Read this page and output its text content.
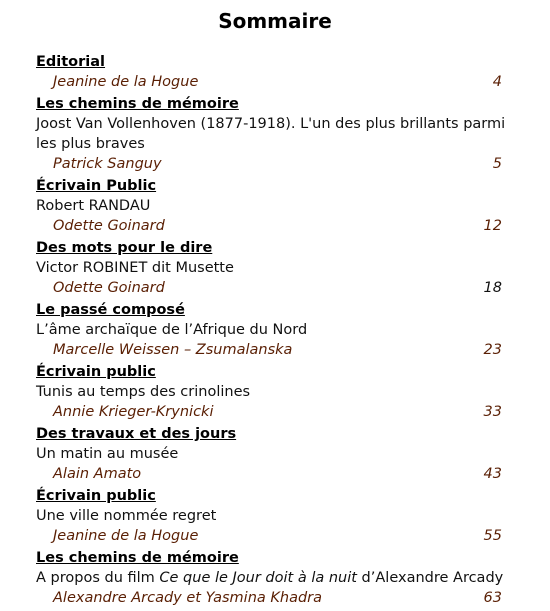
Sommaire
Editorial
Jeanine de la Hogue	4
Les chemins de mémoire
Joost Van Vollenhoven (1877-1918). L'un des plus brillants parmi les plus braves
Patrick Sanguy	5
Écrivain Public
Robert RANDAU
Odette Goinard	12
Des mots pour le dire
Victor ROBINET dit Musette
Odette Goinard	18
Le passé composé
L’âme archaïque de l’Afrique du Nord
Marcelle Weissen – Zsumalanska	23
Écrivain public
Tunis au temps des crinolines
Annie Krieger-Krynicki	33
Des travaux et des jours
Un matin au musée
Alain Amato	43
Écrivain public
Une ville nommée regret
Jeanine de la Hogue	55
Les chemins de mémoire
A propos du film Ce que le Jour doit à la nuit d’Alexandre Arcady
Alexandre Arcady et Yasmina Khadra	63
